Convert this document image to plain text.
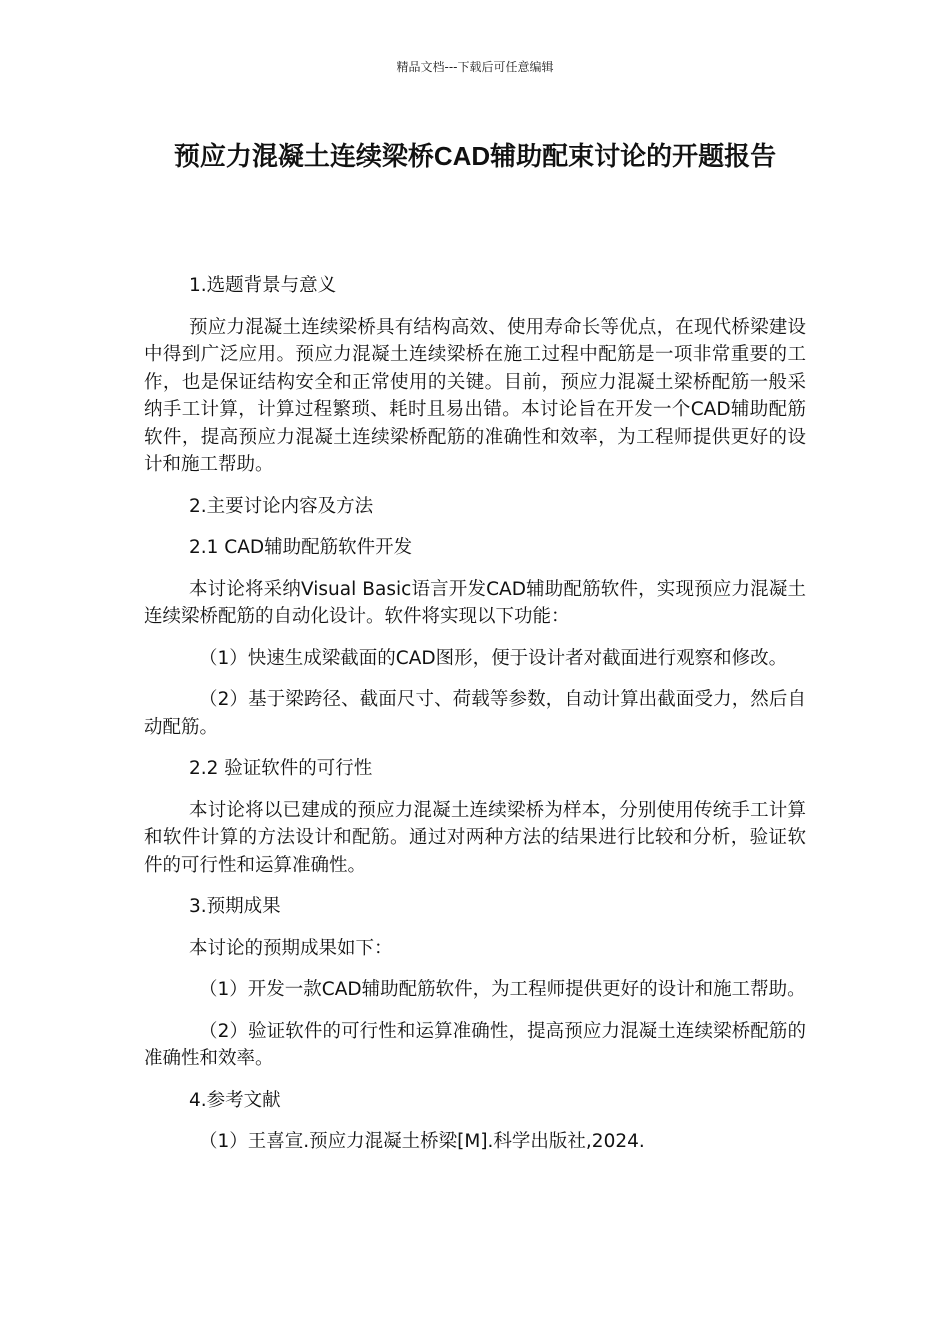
精品文档---下载后可任意编辑
预应力混凝土连续梁桥CAD辅助配束讨论的开题报告

1.选题背景与意义

预应力混凝土连续梁桥具有结构高效、使用寿命长等优点，在现代桥梁建设中得到广泛应用。预应力混凝土连续梁桥在施工过程中配筋是一项非常重要的工作，也是保证结构安全和正常使用的关键。目前，预应力混凝土梁桥配筋一般采纳手工计算，计算过程繁琐、耗时且易出错。本讨论旨在开发一个CAD辅助配筋软件，提高预应力混凝土连续梁桥配筋的准确性和效率，为工程师提供更好的设计和施工帮助。

2.主要讨论内容及方法

2.1 CAD辅助配筋软件开发

本讨论将采纳Visual Basic语言开发CAD辅助配筋软件，实现预应力混凝土连续梁桥配筋的自动化设计。软件将实现以下功能：

（1）快速生成梁截面的CAD图形，便于设计者对截面进行观察和修改。

（2）基于梁跨径、截面尺寸、荷载等参数，自动计算出截面受力，然后自动配筋。

2.2 验证软件的可行性

本讨论将以已建成的预应力混凝土连续梁桥为样本，分别使用传统手工计算和软件计算的方法设计和配筋。通过对两种方法的结果进行比较和分析，验证软件的可行性和运算准确性。

3.预期成果

本讨论的预期成果如下：

（1）开发一款CAD辅助配筋软件，为工程师提供更好的设计和施工帮助。

（2）验证软件的可行性和运算准确性，提高预应力混凝土连续梁桥配筋的准确性和效率。

4.参考文献

（1）王喜宣.预应力混凝土桥梁[M].科学出版社,2024.
